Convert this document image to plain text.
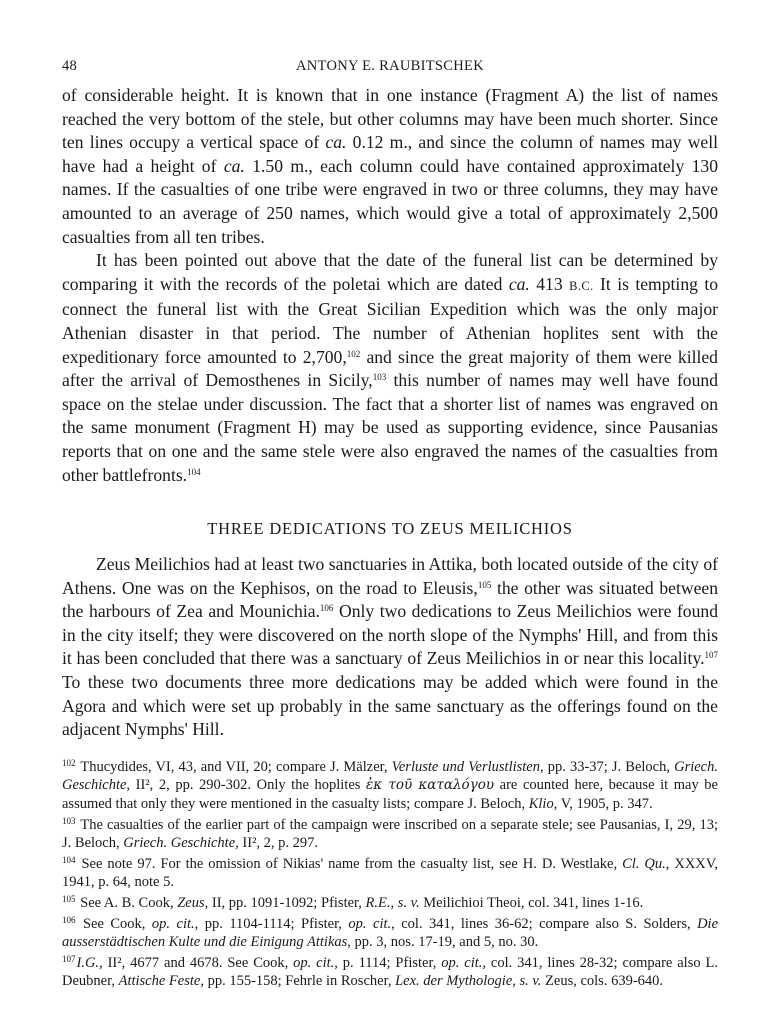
48	ANTONY E. RAUBITSCHEK

of considerable height. It is known that in one instance (Fragment A) the list of names reached the very bottom of the stele, but other columns may have been much shorter. Since ten lines occupy a vertical space of ca. 0.12 m., and since the column of names may well have had a height of ca. 1.50 m., each column could have contained approximately 130 names. If the casualties of one tribe were engraved in two or three columns, they may have amounted to an average of 250 names, which would give a total of approximately 2,500 casualties from all ten tribes.

It has been pointed out above that the date of the funeral list can be determined by comparing it with the records of the poletai which are dated ca. 413 B.C. It is tempting to connect the funeral list with the Great Sicilian Expedition which was the only major Athenian disaster in that period. The number of Athenian hoplites sent with the expeditionary force amounted to 2,700,$^{102}$ and since the great majority of them were killed after the arrival of Demosthenes in Sicily,$^{103}$ this number of names may well have found space on the stelae under discussion. The fact that a shorter list of names was engraved on the same monument (Fragment H) may be used as supporting evidence, since Pausanias reports that on one and the same stele were also engraved the names of the casualties from other battlefronts.$^{104}$

THREE DEDICATIONS TO ZEUS MEILICHIOS

Zeus Meilichios had at least two sanctuaries in Attika, both located outside of the city of Athens. One was on the Kephisos, on the road to Eleusis,$^{105}$ the other was situated between the harbours of Zea and Mounichia.$^{106}$ Only two dedications to Zeus Meilichios were found in the city itself; they were discovered on the north slope of the Nymphs' Hill, and from this it has been concluded that there was a sanctuary of Zeus Meilichios in or near this locality.$^{107}$ To these two documents three more dedications may be added which were found in the Agora and which were set up probably in the same sanctuary as the offerings found on the adjacent Nymphs' Hill.

$^{102}$ Thucydides, VI, 43, and VII, 20; compare J. Mälzer, Verluste und Verlustlisten, pp. 33-37; J. Beloch, Griech. Geschichte, II², 2, pp. 290-302. Only the hoplites ἐκ τοῦ καταλόγου are counted here, because it may be assumed that only they were mentioned in the casualty lists; compare J. Beloch, Klio, V, 1905, p. 347.

$^{103}$ The casualties of the earlier part of the campaign were inscribed on a separate stele; see Pausanias, I, 29, 13; J. Beloch, Griech. Geschichte, II², 2, p. 297.

$^{104}$ See note 97. For the omission of Nikias' name from the casualty list, see H. D. Westlake, Cl. Qu., XXXV, 1941, p. 64, note 5.

$^{105}$ See A. B. Cook, Zeus, II, pp. 1091-1092; Pfister, R.E., s. v. Meilichioi Theoi, col. 341, lines 1-16.

$^{106}$ See Cook, op. cit., pp. 1104-1114; Pfister, op. cit., col. 341, lines 36-62; compare also S. Solders, Die ausserstädtischen Kulte und die Einigung Attikas, pp. 3, nos. 17-19, and 5, no. 30.

$^{107}$I.G., II², 4677 and 4678. See Cook, op. cit., p. 1114; Pfister, op. cit., col. 341, lines 28-32; compare also L. Deubner, Attische Feste, pp. 155-158; Fehrle in Roscher, Lex. der Mythologie, s. v. Zeus, cols. 639-640.
